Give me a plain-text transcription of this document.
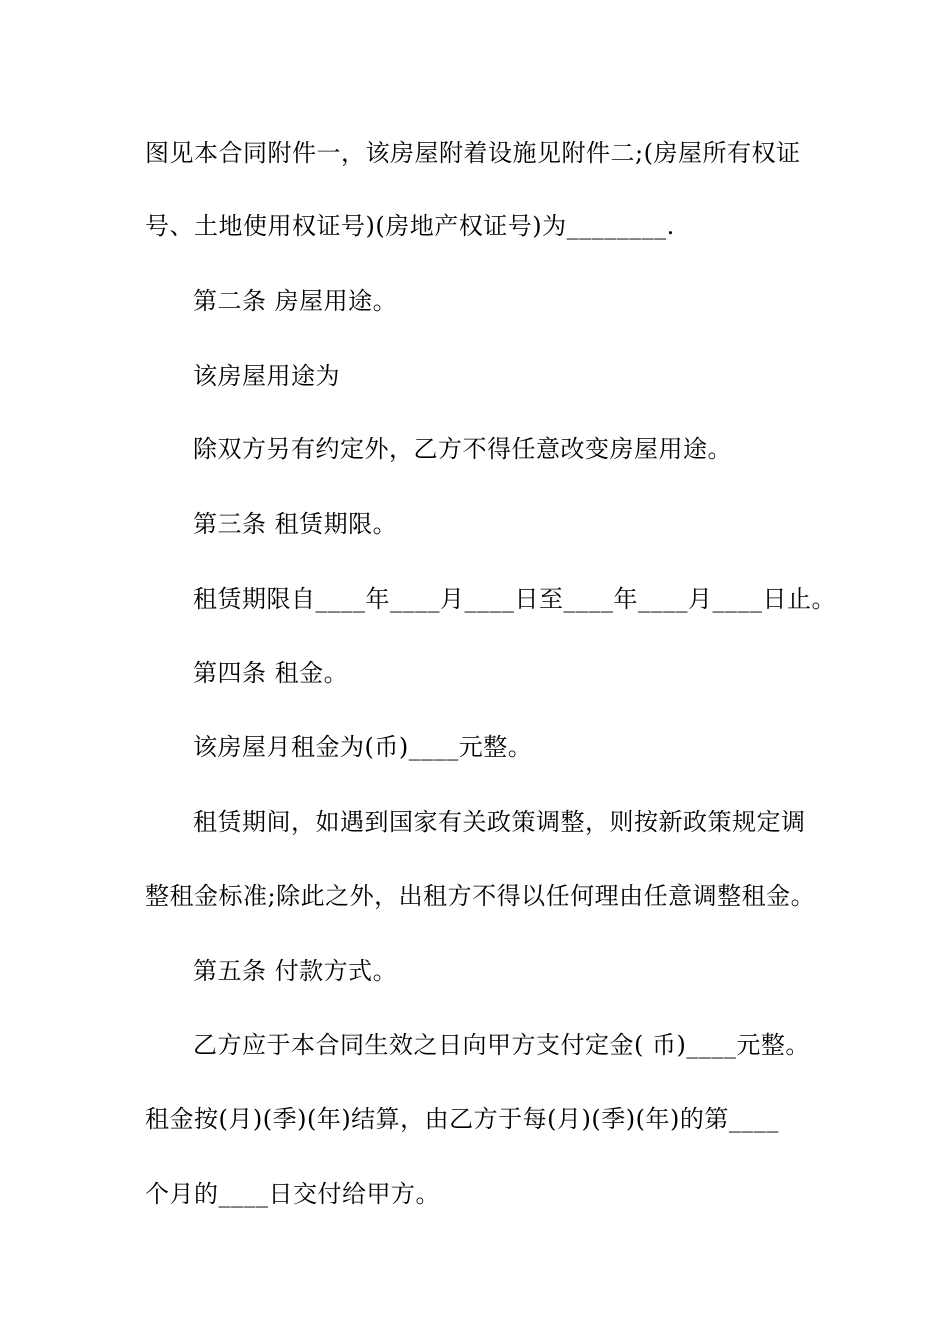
图见本合同附件一，该房屋附着设施见附件二;(房屋所有权证
号、土地使用权证号)(房地产权证号)为________.
第二条 房屋用途。
该房屋用途为
除双方另有约定外，乙方不得任意改变房屋用途。
第三条 租赁期限。
租赁期限自____年____月____日至____年____月____日止。
第四条 租金。
该房屋月租金为(币)____元整。
租赁期间，如遇到国家有关政策调整，则按新政策规定调
整租金标准;除此之外，出租方不得以任何理由任意调整租金。
第五条 付款方式。
乙方应于本合同生效之日向甲方支付定金( 币)____元整。
租金按(月)(季)(年)结算，由乙方于每(月)(季)(年)的第____
个月的____日交付给甲方。
